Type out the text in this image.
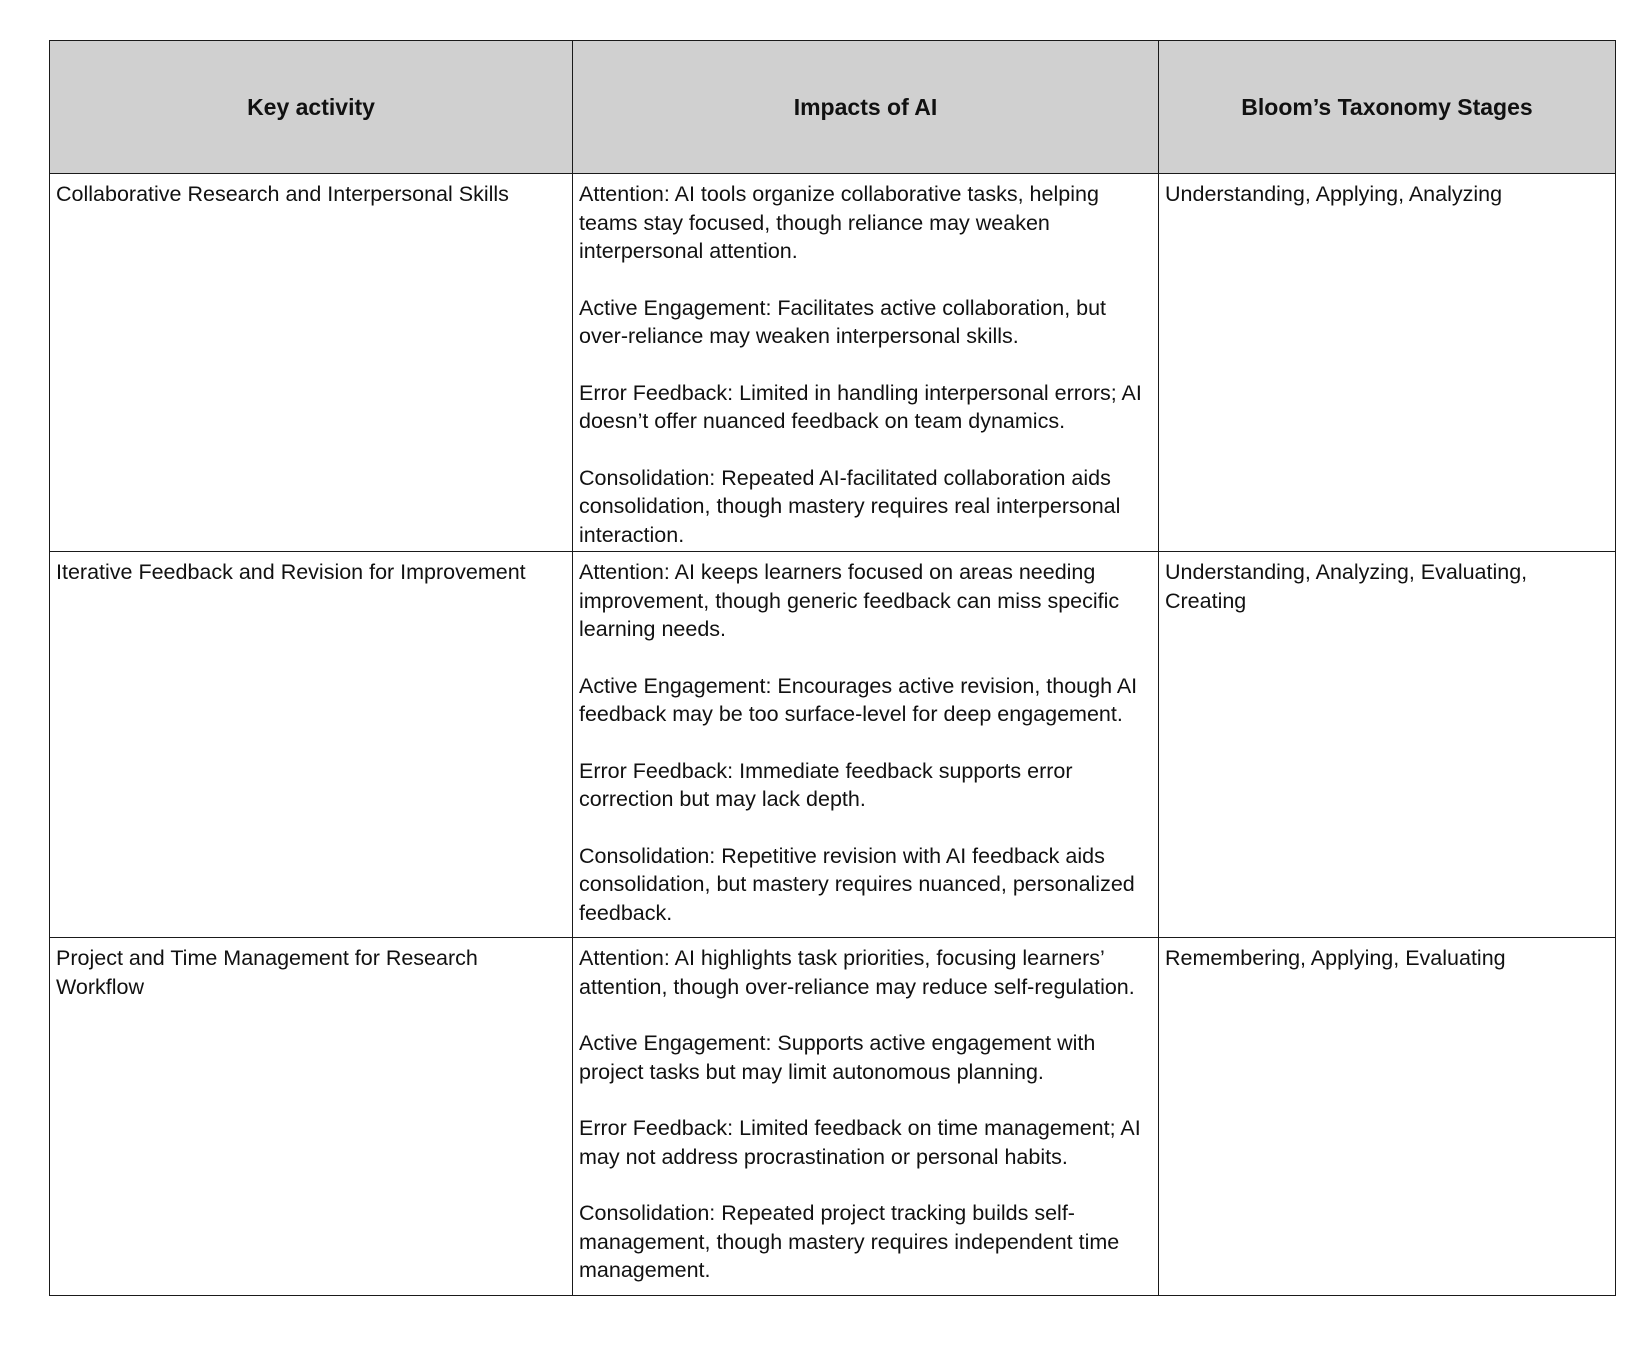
Key activity	Impacts of AI	Bloom’s Taxonomy Stages
Collaborative Research and Interpersonal Skills	Attention: AI tools organize collaborative tasks, helping teams stay focused, though reliance may weaken interpersonal attention.

Active Engagement: Facilitates active collaboration, but over-reliance may weaken interpersonal skills.

Error Feedback: Limited in handling interpersonal errors; AI doesn’t offer nuanced feedback on team dynamics.

Consolidation: Repeated AI-facilitated collaboration aids consolidation, though mastery requires real interpersonal interaction.	Understanding, Applying, Analyzing
Iterative Feedback and Revision for Improvement	Attention: AI keeps learners focused on areas needing improvement, though generic feedback can miss specific learning needs.

Active Engagement: Encourages active revision, though AI feedback may be too surface-level for deep engagement.

Error Feedback: Immediate feedback supports error correction but may lack depth.

Consolidation: Repetitive revision with AI feedback aids consolidation, but mastery requires nuanced, personalized feedback.	Understanding, Analyzing, Evaluating, Creating
Project and Time Management for Research Workflow	Attention: AI highlights task priorities, focusing learners’ attention, though over-reliance may reduce self-regulation.

Active Engagement: Supports active engagement with project tasks but may limit autonomous planning.

Error Feedback: Limited feedback on time management; AI may not address procrastination or personal habits.

Consolidation: Repeated project tracking builds self-management, though mastery requires independent time management.	Remembering, Applying, Evaluating
